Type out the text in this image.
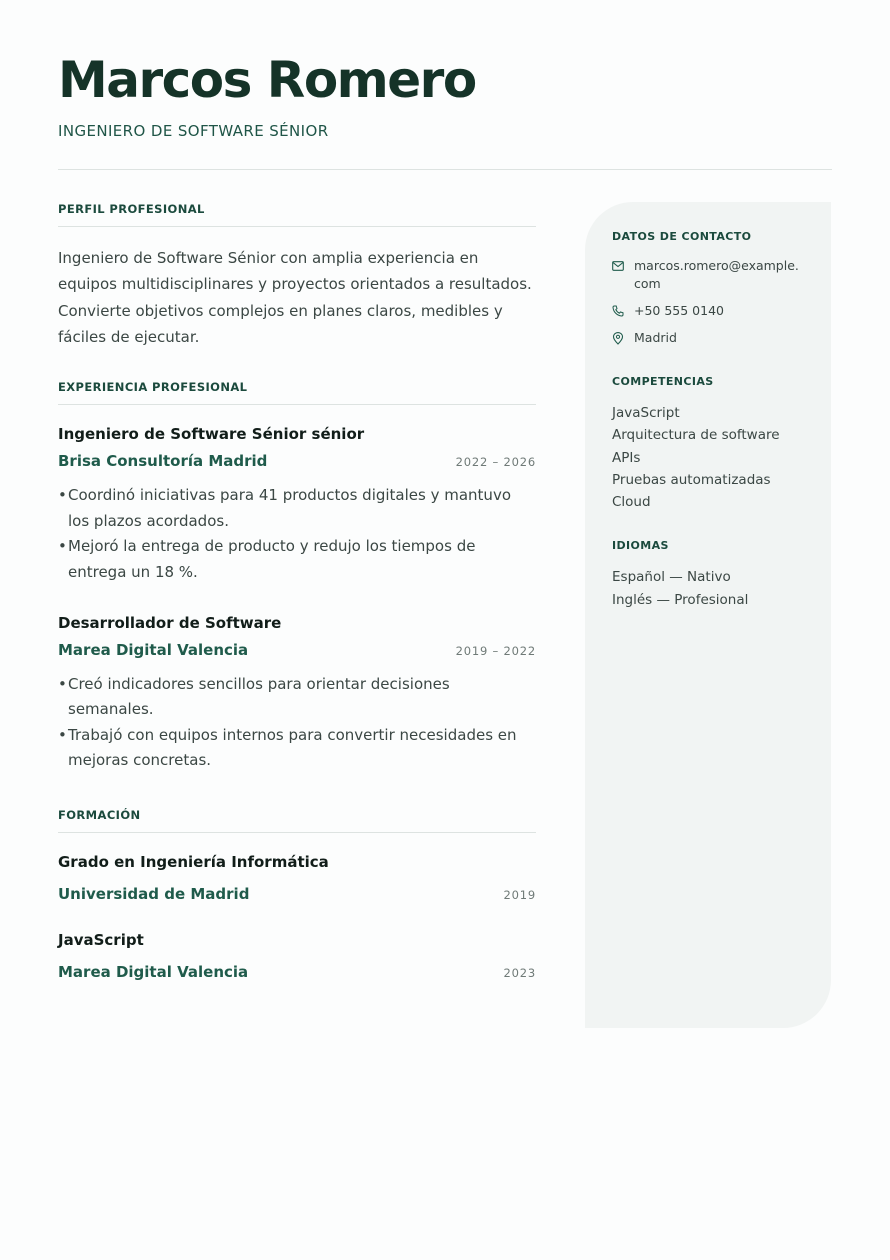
Marcos Romero
INGENIERO DE SOFTWARE SÉNIOR
PERFIL PROFESIONAL

Ingeniero de Software Sénior con amplia experiencia en equipos multidisciplinares y proyectos orientados a resultados. Convierte objetivos complejos en planes claros, medibles y fáciles de ejecutar.

EXPERIENCIA PROFESIONAL
Ingeniero de Software Sénior sénior
Brisa Consultoría Madrid	2022 – 2026
•Coordinó iniciativas para 41 productos digitales y mantuvo los plazos acordados.
•Mejoró la entrega de producto y redujo los tiempos de entrega un 18 %.
Desarrollador de Software
Marea Digital Valencia	2019 – 2022
•Creó indicadores sencillos para orientar decisiones semanales.
•Trabajó con equipos internos para convertir necesidades en mejoras concretas.
FORMACIÓN
Grado en Ingeniería Informática
Universidad de Madrid	2019
JavaScript
Marea Digital Valencia	2023
DATOS DE CONTACTO
marcos.romero@example.com
+50 555 0140
Madrid
COMPETENCIAS
JavaScript
Arquitectura de software
APIs
Pruebas automatizadas
Cloud
IDIOMAS
Español — Nativo
Inglés — Profesional
